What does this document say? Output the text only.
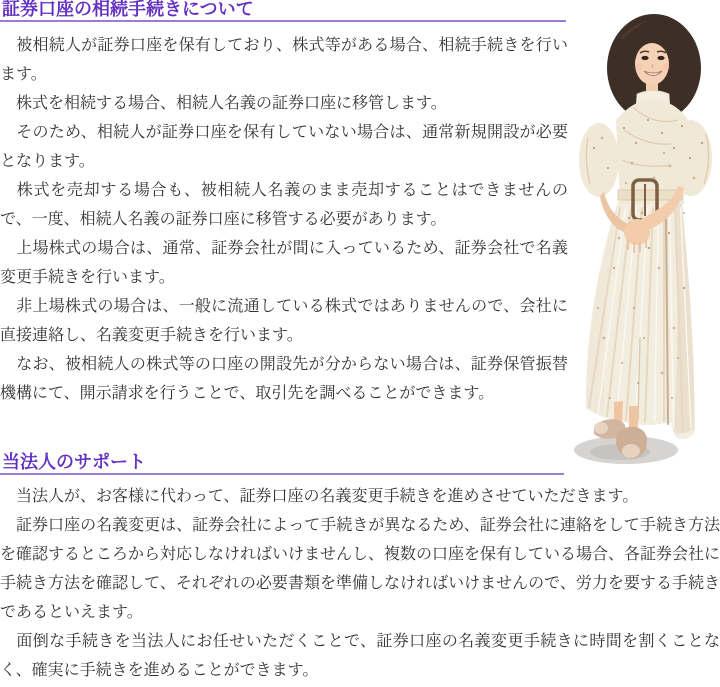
証券口座の相続手続きについて

　被相続人が証券口座を保有しており、株式等がある場合、相続手続きを行います。

　株式を相続する場合、相続人名義の証券口座に移管します。

　そのため、相続人が証券口座を保有していない場合は、通常新規開設が必要となります。

　株式を売却する場合も、被相続人名義のまま売却することはできませんので、一度、相続人名義の証券口座に移管する必要があります。

　上場株式の場合は、通常、証券会社が間に入っているため、証券会社で名義変更手続きを行います。

　非上場株式の場合は、一般に流通している株式ではありませんので、会社に直接連絡し、名義変更手続きを行います。

　なお、被相続人の株式等の口座の開設先が分からない場合は、証券保管振替機構にて、開示請求を行うことで、取引先を調べることができます。

当法人のサポート

　当法人が、お客様に代わって、証券口座の名義変更手続きを進めさせていただきます。

　証券口座の名義変更は、証券会社によって手続きが異なるため、証券会社に連絡をして手続き方法を確認するところから対応しなければいけませんし、複数の口座を保有している場合、各証券会社に手続き方法を確認して、それぞれの必要書類を準備しなければいけませんので、労力を要する手続きであるといえます。

　面倒な手続きを当法人にお任せいただくことで、証券口座の名義変更手続きに時間を割くことなく、確実に手続きを進めることができます。
